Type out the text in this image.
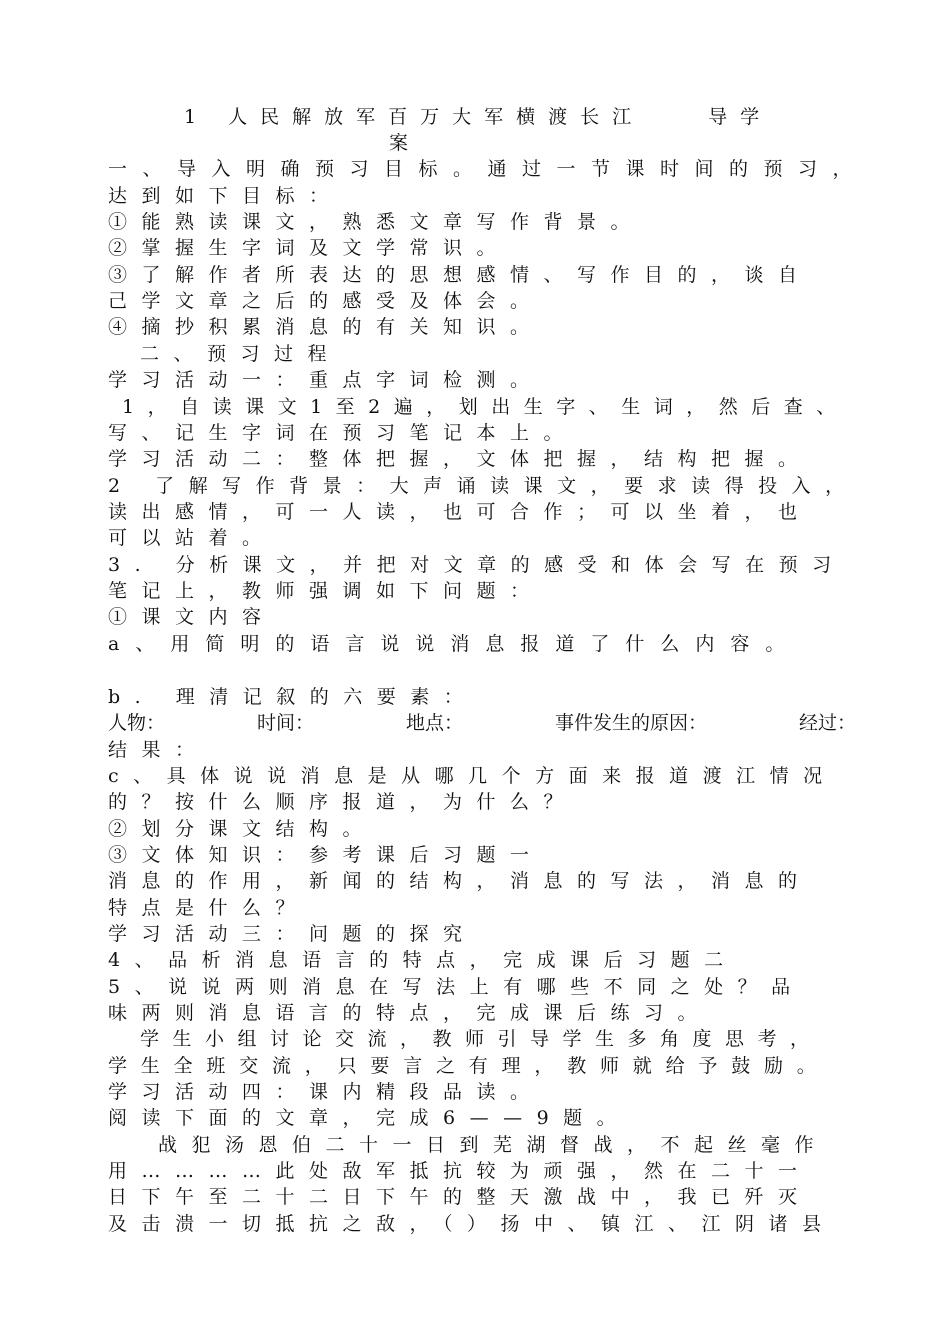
1 人民解放军百万大军横渡长江　　导学
案
一、导入明确预习目标。通过一节课时间的预习，
达到如下目标：
①能熟读课文，熟悉文章写作背景。
②掌握生字词及文学常识。
③了解作者所表达的思想感情、写作目的，谈自
己学文章之后的感受及体会。
④摘抄积累消息的有关知识。
二、预习过程
学习活动一：重点字词检测。
1，自读课文1至2遍，划出生字、生词，然后查、
写、记生字词在预习笔记本上。
学习活动二：整体把握，文体把握，结构把握。
2 了解写作背景：大声诵读课文，要求读得投入，
读出感情，可一人读，也可合作；可以坐着，也
可以站着。
3. 分析课文，并把对文章的感受和体会写在预习
笔记上，教师强调如下问题：
①课文内容
a、用简明的语言说说消息报道了什么内容。
b. 理清记叙的六要素：
人物：	时间：	地点：	事件发生的原因：	经过：
结果：
c、具体说说消息是从哪几个方面来报道渡江情况
的？按什么顺序报道，为什么？
②划分课文结构。
③文体知识：参考课后习题一
消息的作用，新闻的结构，消息的写法，消息的
特点是什么？
学习活动三：问题的探究
4、品析消息语言的特点，完成课后习题二
5、说说两则消息在写法上有哪些不同之处？品
味两则消息语言的特点，完成课后练习。
学生小组讨论交流，教师引导学生多角度思考，
学生全班交流，只要言之有理，教师就给予鼓励。
学习活动四：课内精段品读。
阅读下面的文章，完成6——9题。
战犯汤恩伯二十一日到芜湖督战，不起丝毫作
用…………此处敌军抵抗较为顽强，然在二十一
日下午至二十二日下午的整天激战中，我已歼灭
及击溃一切抵抗之敌，（）扬中、镇江、江阴诸县
